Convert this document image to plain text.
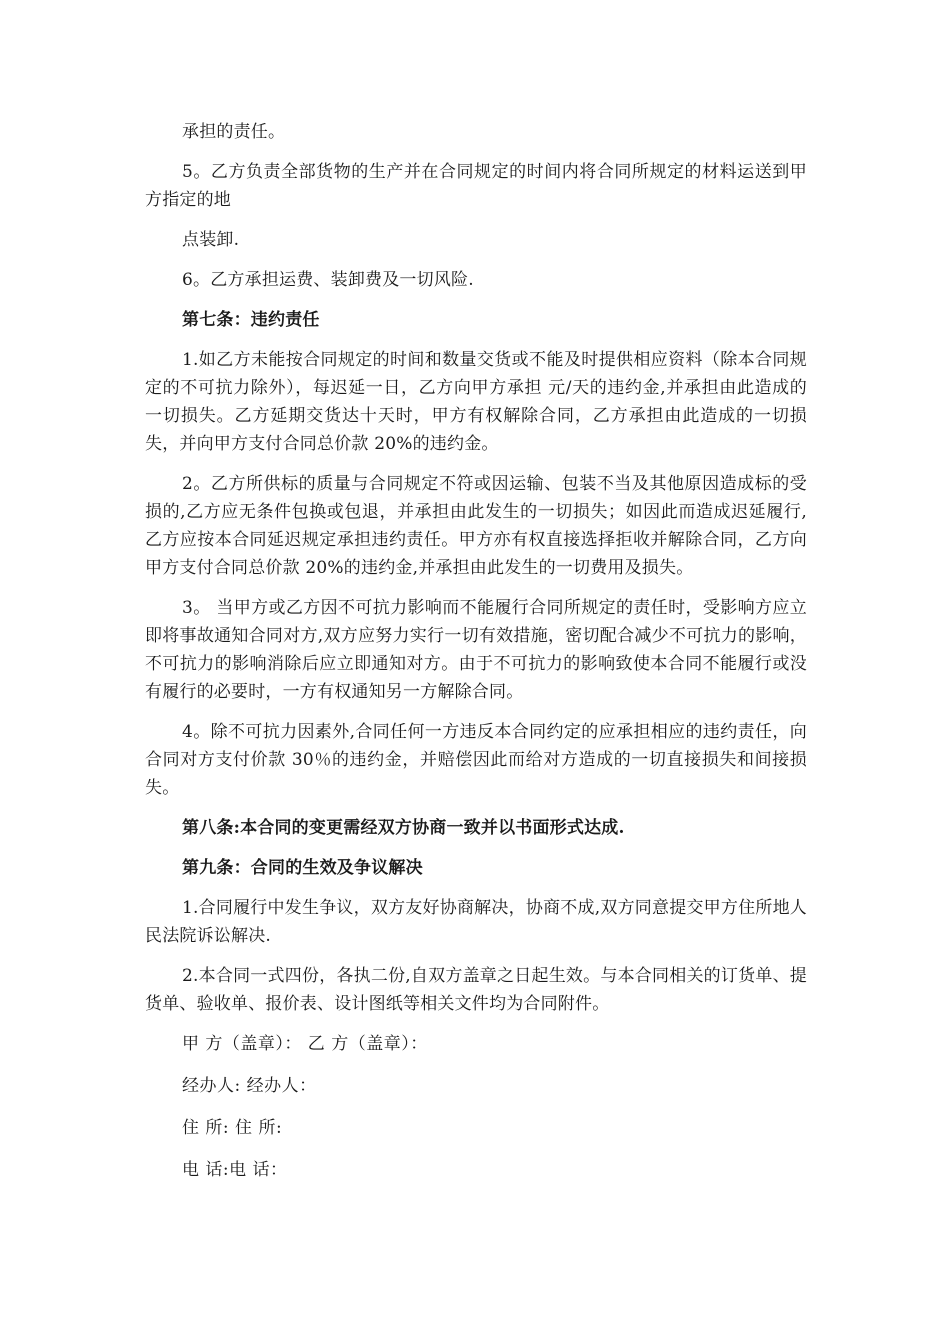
承担的责任。

5。乙方负责全部货物的生产并在合同规定的时间内将合同所规定的材料运送到甲方指定的地

点装卸.

6。乙方承担运费、装卸费及一切风险.

第七条：违约责任

1.如乙方未能按合同规定的时间和数量交货或不能及时提供相应资料（除本合同规定的不可抗力除外），每迟延一日，乙方向甲方承担 元/天的违约金,并承担由此造成的一切损失。乙方延期交货达十天时，甲方有权解除合同，乙方承担由此造成的一切损失，并向甲方支付合同总价款 20%的违约金。

2。乙方所供标的质量与合同规定不符或因运输、包装不当及其他原因造成标的受损的,乙方应无条件包换或包退，并承担由此发生的一切损失；如因此而造成迟延履行,乙方应按本合同延迟规定承担违约责任。甲方亦有权直接选择拒收并解除合同，乙方向甲方支付合同总价款 20%的违约金,并承担由此发生的一切费用及损失。

3。 当甲方或乙方因不可抗力影响而不能履行合同所规定的责任时，受影响方应立即将事故通知合同对方,双方应努力实行一切有效措施，密切配合减少不可抗力的影响，不可抗力的影响消除后应立即通知对方。由于不可抗力的影响致使本合同不能履行或没有履行的必要时，一方有权通知另一方解除合同。

4。除不可抗力因素外,合同任何一方违反本合同约定的应承担相应的违约责任，向合同对方支付价款 30％的违约金，并赔偿因此而给对方造成的一切直接损失和间接损失。

第八条:本合同的变更需经双方协商一致并以书面形式达成.

第九条：合同的生效及争议解决

1.合同履行中发生争议，双方友好协商解决，协商不成,双方同意提交甲方住所地人民法院诉讼解决.

2.本合同一式四份，各执二份,自双方盖章之日起生效。与本合同相关的订货单、提货单、验收单、报价表、设计图纸等相关文件均为合同附件。

甲 方（盖章）： 乙 方（盖章）：

经办人: 经办人：

住 所: 住 所:

电 话:电 话：
